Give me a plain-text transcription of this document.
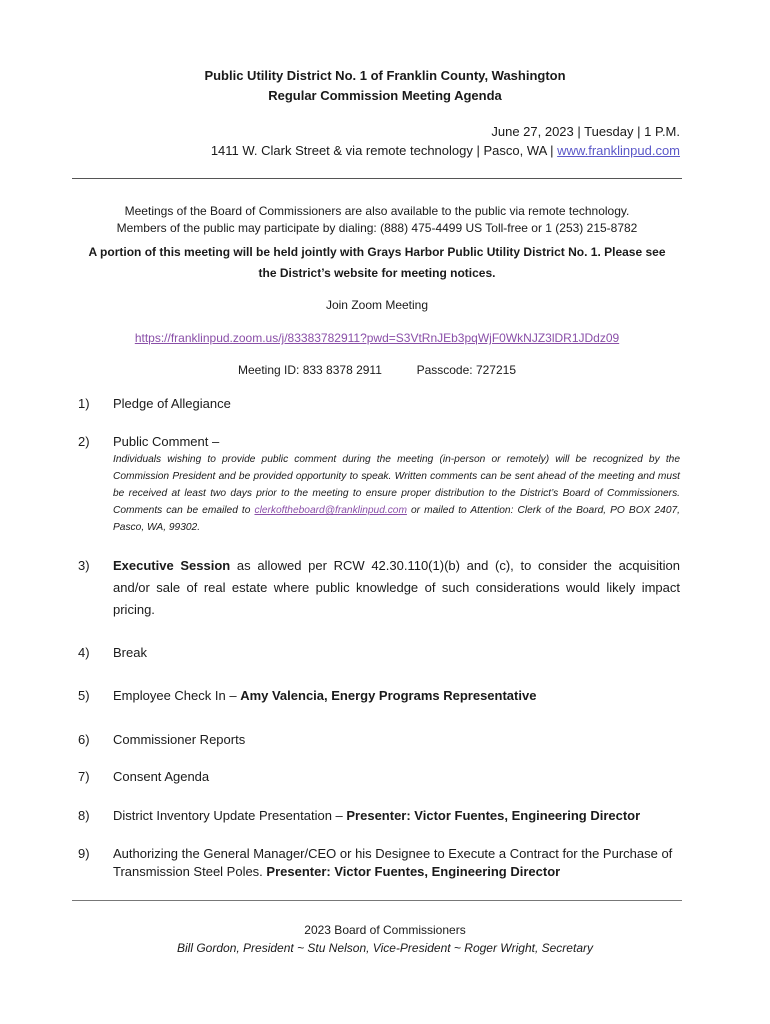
Public Utility District No. 1 of Franklin County, Washington
Regular Commission Meeting Agenda
June 27, 2023 | Tuesday | 1 P.M.
1411 W. Clark Street & via remote technology | Pasco, WA | www.franklinpud.com
Meetings of the Board of Commissioners are also available to the public via remote technology.
Members of the public may participate by dialing: (888) 475-4499 US Toll-free or 1 (253) 215-8782
A portion of this meeting will be held jointly with Grays Harbor Public Utility District No. 1. Please see
the District’s website for meeting notices.
Join Zoom Meeting
https://franklinpud.zoom.us/j/83383782911?pwd=S3VtRnJEb3pqWjF0WkNJZ3lDR1JDdz09
Meeting ID: 833 8378 2911	Passcode: 727215
1)	Pledge of Allegiance
2)	Public Comment –
Individuals wishing to provide public comment during the meeting (in-person or remotely) will be recognized by the Commission President and be provided opportunity to speak. Written comments can be sent ahead of the meeting and must be received at least two days prior to the meeting to ensure proper distribution to the District’s Board of Commissioners. Comments can be emailed to clerkoftheboard@franklinpud.com or mailed to Attention: Clerk of the Board, PO BOX 2407, Pasco, WA, 99302.
3)	Executive Session as allowed per RCW 42.30.110(1)(b) and (c), to consider the acquisition and/or sale of real estate where public knowledge of such considerations would likely impact pricing.
4)	Break
5)	Employee Check In – Amy Valencia, Energy Programs Representative
6)	Commissioner Reports
7)	Consent Agenda
8)	District Inventory Update Presentation – Presenter: Victor Fuentes, Engineering Director
9)	Authorizing the General Manager/CEO or his Designee to Execute a Contract for the Purchase of Transmission Steel Poles. Presenter: Victor Fuentes, Engineering Director
2023 Board of Commissioners
Bill Gordon, President ~ Stu Nelson, Vice-President ~ Roger Wright, Secretary
